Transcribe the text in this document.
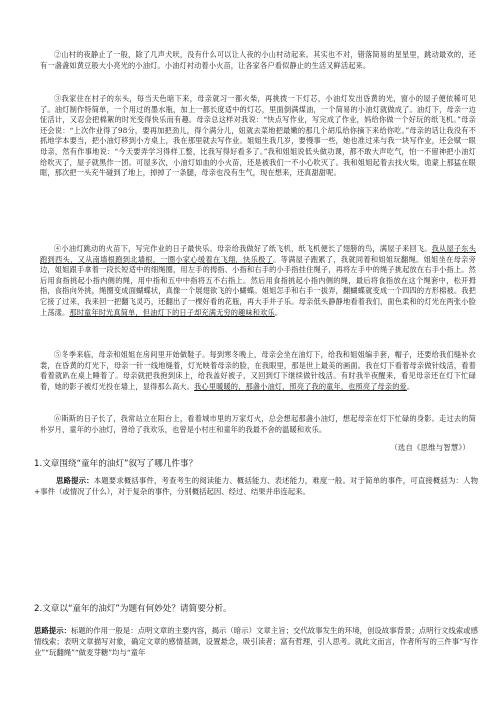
②山村的夜静止了一般，除了几声犬吠，没有什么可以让人夜的小山村动起来。其实也不对，错落简易的星星里，跳动最欢的，还有一盏盏如黄豆般大小亮光的小油灯。小油灯衬动着小火苗，让各家各户看似静止的生活又鲜活起来。
③我家住在村子的东头，每当天色暗下来，母亲就习一都火柴，再挑拨一下灯芯，小油灯发出昏黄的光，窗小的屋子便依稀可见了。油灯制作特简单，一个用过的墨水瓶，加上一都长度适中的灯芯，里面倒满煤油，一个简易的小油灯就做成了。油灯下，母亲一边怔活计，又忍会把棉絮的时光变得快乐而有趣。母亲总这样对我说：“快点写作业，写完成了作业，妈给你做一个好玩的纸飞机。”母亲还会说：“上次作业得了98分，要再加把劲儿，得个满分儿，妞就去菜地把最嫩的那几个胡瓜给你摘下来给你吃。”母亲的话让我没有不抓地学本要当，把小油灯移到小方桌上，我在那里就去写作业。姐姐生我几岁，要慢事一些，她也准过来与我一块写作业，还会赋一眼母亲，然有作事地说：“今天要弄学习得样工整，比我写得好看多了。”我和姐姐说低头做功课，都不敢大声吃气，怕一不留神把小油灯给吹灭了，屋子就黑作一团。可屋多次，小油灯如血的小火苗，还是被我们一不小心吹灭了。我和姐姐起着去找火柴，诡蒙上那猛在眼眶，那次把一头充牛碰到了地上，掉掉了一条腿，母亲也没有生气，现在想来，还真甜甜呢。
④小油灯跳动的火苗下，写完作业的日子最快乐。母亲给我做好了纸飞机，纸飞机便长了翅膀的鸟，满屋子来回飞。我从屋子东头跑到西头，又从南墙根跑到北墙根，一圈小家心缓着在飞翔，快乐极了。等满屋子跑累了，我就同着和姐姐玩翻绳。姐姐坐在母亲旁边，姐姐跟手拿着一段长短适中的细绳圈，用左手的拇指、小指和右手的小手指挂住绳子，再将左手中的绳子挑起放在右手小指上。然后用食指挑起小指内侧的绳，用中指和五中中指将五不右指上。然后用食指挑起小指内侧的绳，最后将食指放在这个绳套中，松开拇指，食指向外挑，绳圈变成面蝴蝶状，真像一个展翅欲飞的小蝴蝶。姐姐怎手和右手一拔弄，翻蝴蝶就变成一个四四的方形棉被。我把它接了过来，我来回一把翻飞灵巧，还翻出了一棵好看的花瓶，再大手并子乐。母亲低头静静地看着我们，面色柔和的灯光在两张小脸上荡漾。那时童年时光真简单，但油灯下的日子却充满无穷的趣味和欢乐。
⑤冬季来临，母亲和姐姐在房间里开始做鞋子。每到寒冬晚上，母亲会坐在油灯下，给我和姐姐编手套，帽子，还要给我们缝补衣裳，在昏黄的灯光下，母亲一针一线地缝着，灯光映着母亲的脸，在我眼里，那是世上最美的画面。我在灯下看着母亲做针线活，看着看着就趴在桌上睡着了。母亲就把我抱到床上，给我盖好被子，又回到灯下继续做针线活。有时我半夜醒来，看见母亲还在灯下忙碌着，她的影子被灯光投在墙上，显得那么高大。我心里暖暖的，那盏小油灯，照亮了我的童年，也照亮了母亲的爱。
⑥斯斯的日子长了，我常站立在阳台上，看着城市里的万家灯火，总会想起那盏小油灯，想起母亲在灯下忙碌的身影。走过去的简朴岁月，童年的小油灯，曾给了我欢乐，也曾是小村庄和童年的我最不舍的温暖和欢乐。
（选自《思维与智慧》）
1.文章围绕“童年的油灯”叙写了哪几件事？
思路提示：本题要求概括事件，考查考生的阅读能力、概括能力、表述能力，难度一般。对于简单的事件，可直接概括为：人物+事件（或情况了什么），对于复杂的事件，分别概括起因、经过、结果并串连起来。
2.文章以“童年的油灯”为题有何妙处？请简要分析。
思路提示：标题的作用一般是：点明文章的主要内容，揭示（暗示）文章主旨；交代故事发生的环境，创设故事背景；点明行文线索或感情线索；表明文章描写对象，确定文章的感情基调，设置悬念，吸引读者；富有哲理，引人思考。就此文而言，作者所写的三件事“写作业”“玩翻绳”“做麦芽糖”均与“童年
